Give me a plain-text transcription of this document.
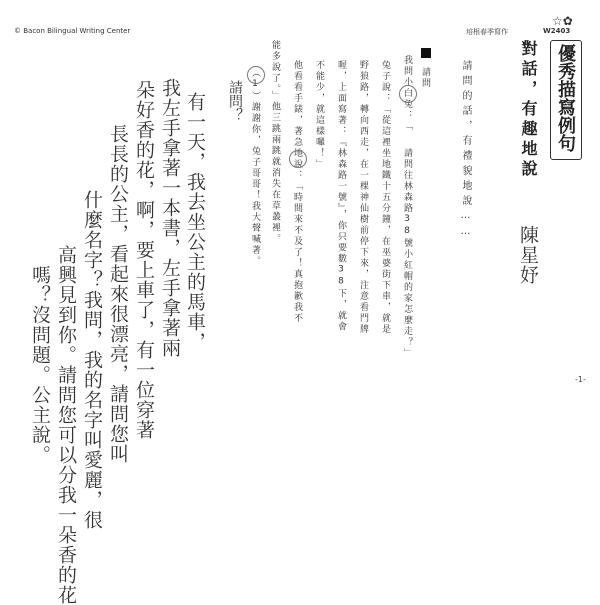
© Bacon Bilingual Writing Center	培根春季寫作	W2403
☆✿
優秀描寫例句
對話，有趣地說
陳星妤
請問的話，有禮貌地說……
請問
我問小白兔：「
請問往林森路38號小紅帽的家怎麼走？」
兔子說：「從這裡坐地鐵十五分鐘，在巫婆街下車，就是
野狼路，轉向西走，在一棵神仙樹前停下來，注意看門牌
喔，上面寫著：『林森路一號』，你只要數38下，就會
不能少，就這樣囉！」
他看看手錶，著急地說：「時間來不及了！真抱歉我不
能多說了。」他三跳兩跳就消失在草叢裡。
（1）謝謝你，兔子哥哥！我大聲喊著。
請問？
有一天，我去坐公主的馬車，
我左手拿著一本書，左手拿著兩
朵好香的花，啊，要上車了，有一位穿著
長長的公主，看起來很漂亮，請問您叫
什麼名字？我問，我的名字叫愛麗，很
高興見到你。請問您可以分我一朵香的花
嗎？沒問題。公主說。	-1-
